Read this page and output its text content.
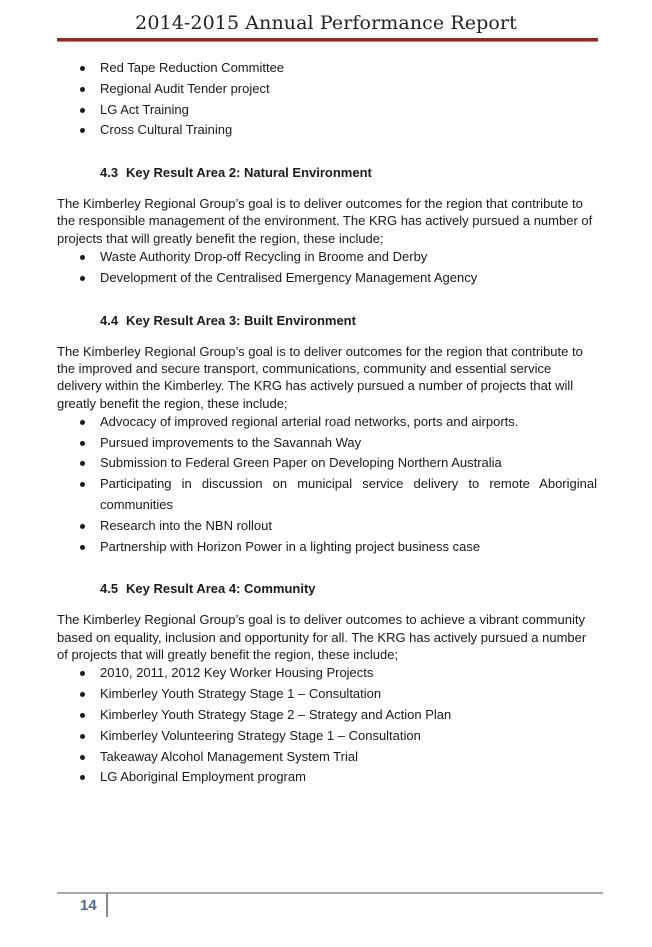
2014-2015 Annual Performance Report
Red Tape Reduction Committee
Regional Audit Tender project
LG Act Training
Cross Cultural Training
4.3 Key Result Area 2: Natural Environment

The Kimberley Regional Group’s goal is to deliver outcomes for the region that contribute to the responsible management of the environment. The KRG has actively pursued a number of projects that will greatly benefit the region, these include;

Waste Authority Drop-off Recycling in Broome and Derby
Development of the Centralised Emergency Management Agency
4.4 Key Result Area 3: Built Environment

The Kimberley Regional Group’s goal is to deliver outcomes for the region that contribute to the improved and secure transport, communications, community and essential service delivery within the Kimberley. The KRG has actively pursued a number of projects that will greatly benefit the region, these include;

Advocacy of improved regional arterial road networks, ports and airports.
Pursued improvements to the Savannah Way
Submission to Federal Green Paper on Developing Northern Australia
Participating in discussion on municipal service delivery to remote Aboriginal communities
Research into the NBN rollout
Partnership with Horizon Power in a lighting project business case
4.5 Key Result Area 4: Community

The Kimberley Regional Group’s goal is to deliver outcomes to achieve a vibrant community based on equality, inclusion and opportunity for all. The KRG has actively pursued a number of projects that will greatly benefit the region, these include;

2010, 2011, 2012 Key Worker Housing Projects
Kimberley Youth Strategy Stage 1 – Consultation
Kimberley Youth Strategy Stage 2 – Strategy and Action Plan
Kimberley Volunteering Strategy Stage 1 – Consultation
Takeaway Alcohol Management System Trial
LG Aboriginal Employment program
14
